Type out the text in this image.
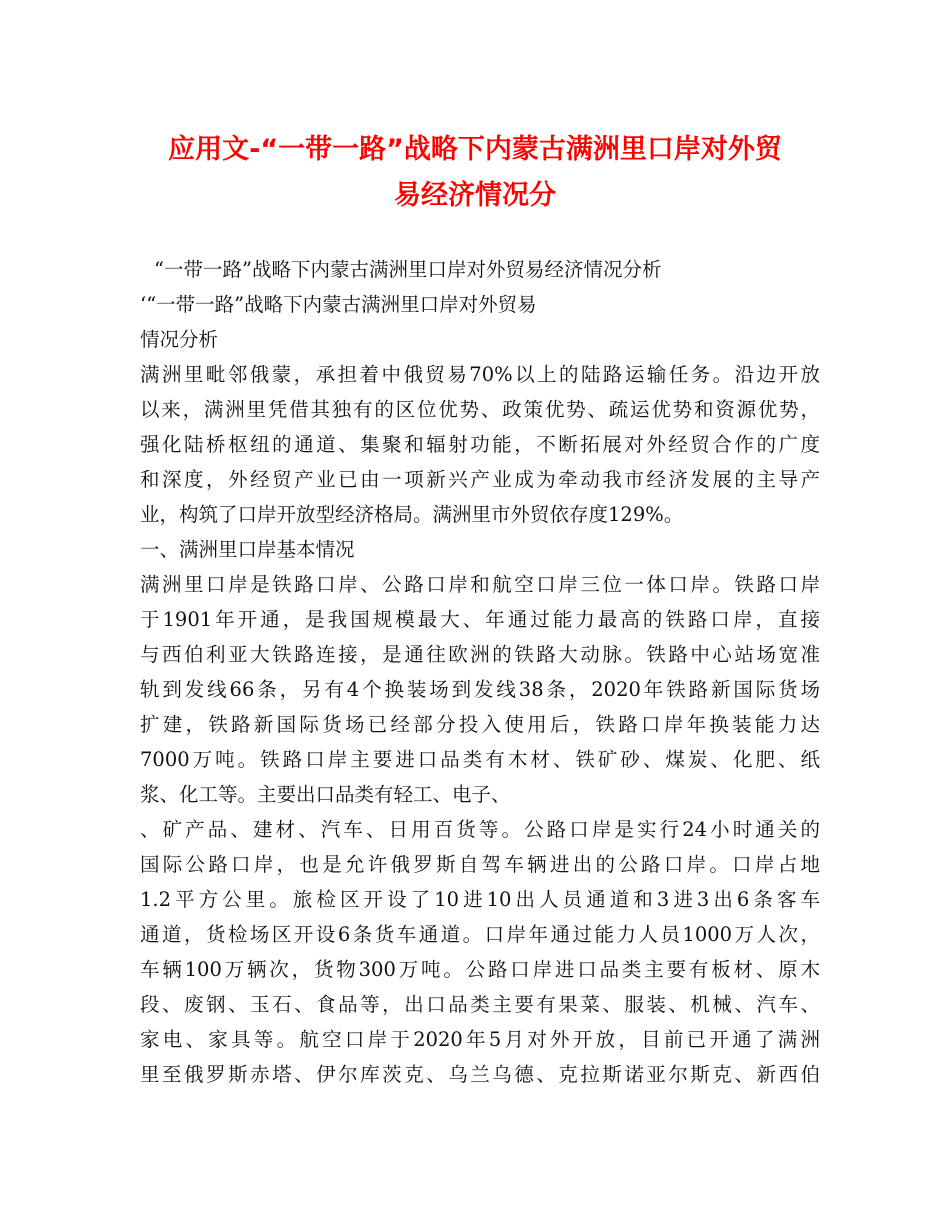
应用文-“一带一路”战略下内蒙古满洲里口岸对外贸
易经济情况分
“一带一路”战略下内蒙古满洲里口岸对外贸易经济情况分析
‘“一带一路”战略下内蒙古满洲里口岸对外贸易
情况分析
满洲里毗邻俄蒙，承担着中俄贸易70%以上的陆路运输任务。沿边开放
以来，满洲里凭借其独有的区位优势、政策优势、疏运优势和资源优势，
强化陆桥枢纽的通道、集聚和辐射功能，不断拓展对外经贸合作的广度
和深度，外经贸产业已由一项新兴产业成为牵动我市经济发展的主导产
业，构筑了口岸开放型经济格局。满洲里市外贸依存度129%。
一、满洲里口岸基本情况
满洲里口岸是铁路口岸、公路口岸和航空口岸三位一体口岸。铁路口岸
于1901年开通，是我国规模最大、年通过能力最高的铁路口岸，直接
与西伯利亚大铁路连接，是通往欧洲的铁路大动脉。铁路中心站场宽准
轨到发线66条，另有4个换装场到发线38条，2020年铁路新国际货场
扩建，铁路新国际货场已经部分投入使用后，铁路口岸年换装能力达
7000万吨。铁路口岸主要进口品类有木材、铁矿砂、煤炭、化肥、纸
浆、化工等。主要出口品类有轻工、电子、
、矿产品、建材、汽车、日用百货等。公路口岸是实行24小时通关的
国际公路口岸，也是允许俄罗斯自驾车辆进出的公路口岸。口岸占地
1.2平方公里。旅检区开设了10进10出人员通道和3进3出6条客车
通道，货检场区开设6条货车通道。口岸年通过能力人员1000万人次，
车辆100万辆次，货物300万吨。公路口岸进口品类主要有板材、原木
段、废钢、玉石、食品等，出口品类主要有果菜、服装、机械、汽车、
家电、家具等。航空口岸于2020年5月对外开放，目前已开通了满洲
里至俄罗斯赤塔、伊尔库茨克、乌兰乌德、克拉斯诺亚尔斯克、新西伯
